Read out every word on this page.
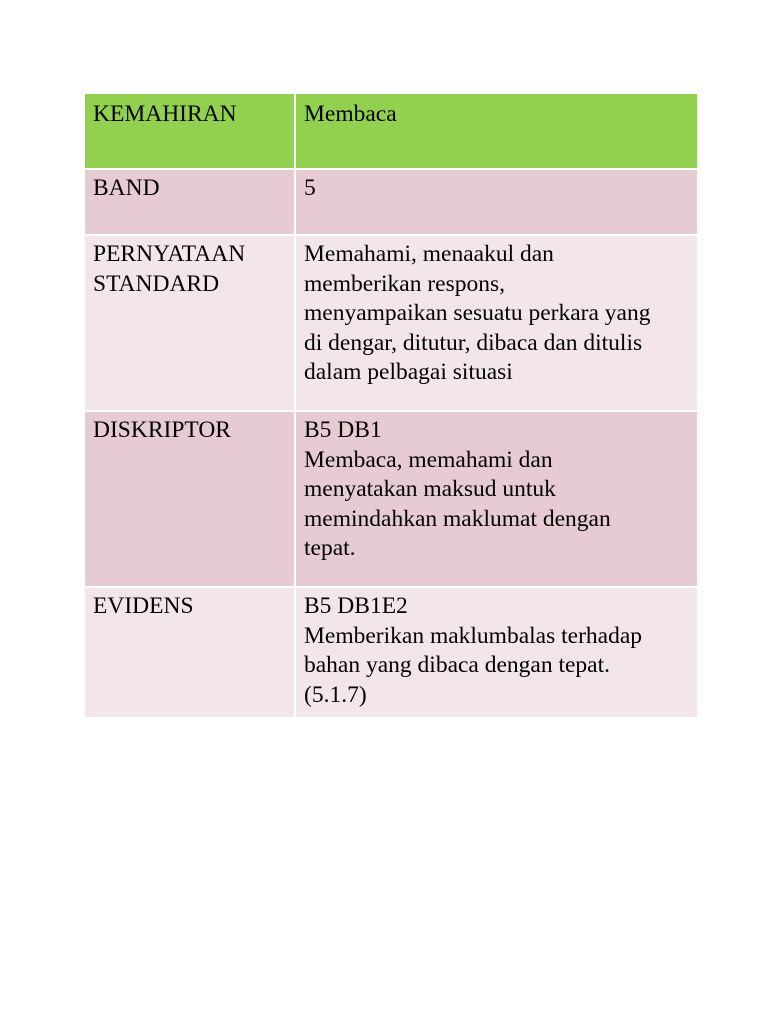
KEMAHIRAN	Membaca

BAND	5

PERNYATAAN
STANDARD	Memahami, menaakul dan
memberikan respons,
menyampaikan sesuatu perkara yang
di dengar, ditutur, dibaca dan ditulis
dalam pelbagai situasi

DISKRIPTOR	B5 DB1
Membaca, memahami dan
menyatakan maksud untuk
memindahkan maklumat dengan
tepat.

EVIDENS	B5 DB1E2
Memberikan maklumbalas terhadap
bahan yang dibaca dengan tepat.
(5.1.7)
